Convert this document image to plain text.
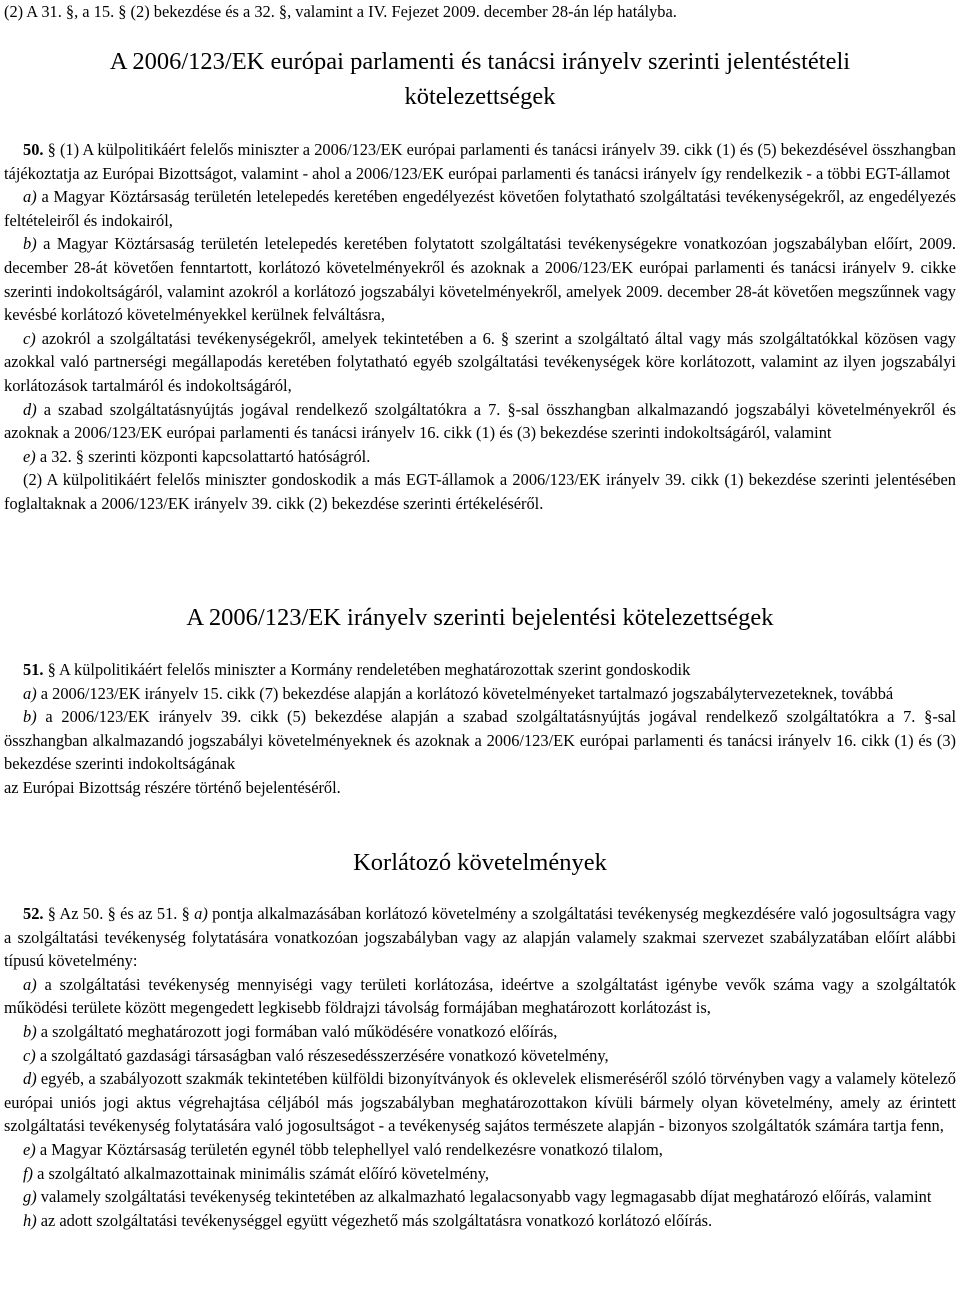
(2) A 31. §, a 15. § (2) bekezdése és a 32. §, valamint a IV. Fejezet 2009. december 28-án lép hatályba.
A 2006/123/EK európai parlamenti és tanácsi irányelv szerinti jelentéstételi
kötelezettségek
50. § (1) A külpolitikáért felelős miniszter a 2006/123/EK európai parlamenti és tanácsi irányelv 39. cikk (1) és (5) bekezdésével összhangban tájékoztatja az Európai Bizottságot, valamint - ahol a 2006/123/EK európai parlamenti és tanácsi irányelv így rendelkezik - a többi EGT-államot
a) a Magyar Köztársaság területén letelepedés keretében engedélyezést követően folytatható szolgáltatási tevékenységekről, az engedélyezés feltételeiről és indokairól,
b) a Magyar Köztársaság területén letelepedés keretében folytatott szolgáltatási tevékenységekre vonatkozóan jogszabályban előírt, 2009. december 28-át követően fenntartott, korlátozó követelményekről és azoknak a 2006/123/EK európai parlamenti és tanácsi irányelv 9. cikke szerinti indokoltságáról, valamint azokról a korlátozó jogszabályi követelményekről, amelyek 2009. december 28-át követően megszűnnek vagy kevésbé korlátozó követelményekkel kerülnek felváltásra,
c) azokról a szolgáltatási tevékenységekről, amelyek tekintetében a 6. § szerint a szolgáltató által vagy más szolgáltatókkal közösen vagy azokkal való partnerségi megállapodás keretében folytatható egyéb szolgáltatási tevékenységek köre korlátozott, valamint az ilyen jogszabályi korlátozások tartalmáról és indokoltságáról,
d) a szabad szolgáltatásnyújtás jogával rendelkező szolgáltatókra a 7. §-sal összhangban alkalmazandó jogszabályi követelményekről és azoknak a 2006/123/EK európai parlamenti és tanácsi irányelv 16. cikk (1) és (3) bekezdése szerinti indokoltságáról, valamint
e) a 32. § szerinti központi kapcsolattartó hatóságról.
(2) A külpolitikáért felelős miniszter gondoskodik a más EGT-államok a 2006/123/EK irányelv 39. cikk (1) bekezdése szerinti jelentésében foglaltaknak a 2006/123/EK irányelv 39. cikk (2) bekezdése szerinti értékeléséről.
A 2006/123/EK irányelv szerinti bejelentési kötelezettségek
51. § A külpolitikáért felelős miniszter a Kormány rendeletében meghatározottak szerint gondoskodik
a) a 2006/123/EK irányelv 15. cikk (7) bekezdése alapján a korlátozó követelményeket tartalmazó jogszabálytervezeteknek, továbbá
b) a 2006/123/EK irányelv 39. cikk (5) bekezdése alapján a szabad szolgáltatásnyújtás jogával rendelkező szolgáltatókra a 7. §-sal összhangban alkalmazandó jogszabályi követelményeknek és azoknak a 2006/123/EK európai parlamenti és tanácsi irányelv 16. cikk (1) és (3) bekezdése szerinti indokoltságának
az Európai Bizottság részére történő bejelentéséről.
Korlátozó követelmények
52. § Az 50. § és az 51. § a) pontja alkalmazásában korlátozó követelmény a szolgáltatási tevékenység megkezdésére való jogosultságra vagy a szolgáltatási tevékenység folytatására vonatkozóan jogszabályban vagy az alapján valamely szakmai szervezet szabályzatában előírt alábbi típusú követelmény:
a) a szolgáltatási tevékenység mennyiségi vagy területi korlátozása, ideértve a szolgáltatást igénybe vevők száma vagy a szolgáltatók működési területe között megengedett legkisebb földrajzi távolság formájában meghatározott korlátozást is,
b) a szolgáltató meghatározott jogi formában való működésére vonatkozó előírás,
c) a szolgáltató gazdasági társaságban való részesedésszerzésére vonatkozó követelmény,
d) egyéb, a szabályozott szakmák tekintetében külföldi bizonyítványok és oklevelek elismeréséről szóló törvényben vagy a valamely kötelező európai uniós jogi aktus végrehajtása céljából más jogszabályban meghatározottakon kívüli bármely olyan követelmény, amely az érintett szolgáltatási tevékenység folytatására való jogosultságot - a tevékenység sajátos természete alapján - bizonyos szolgáltatók számára tartja fenn,
e) a Magyar Köztársaság területén egynél több telephellyel való rendelkezésre vonatkozó tilalom,
f) a szolgáltató alkalmazottainak minimális számát előíró követelmény,
g) valamely szolgáltatási tevékenység tekintetében az alkalmazható legalacsonyabb vagy legmagasabb díjat meghatározó előírás, valamint
h) az adott szolgáltatási tevékenységgel együtt végezhető más szolgáltatásra vonatkozó korlátozó előírás.
